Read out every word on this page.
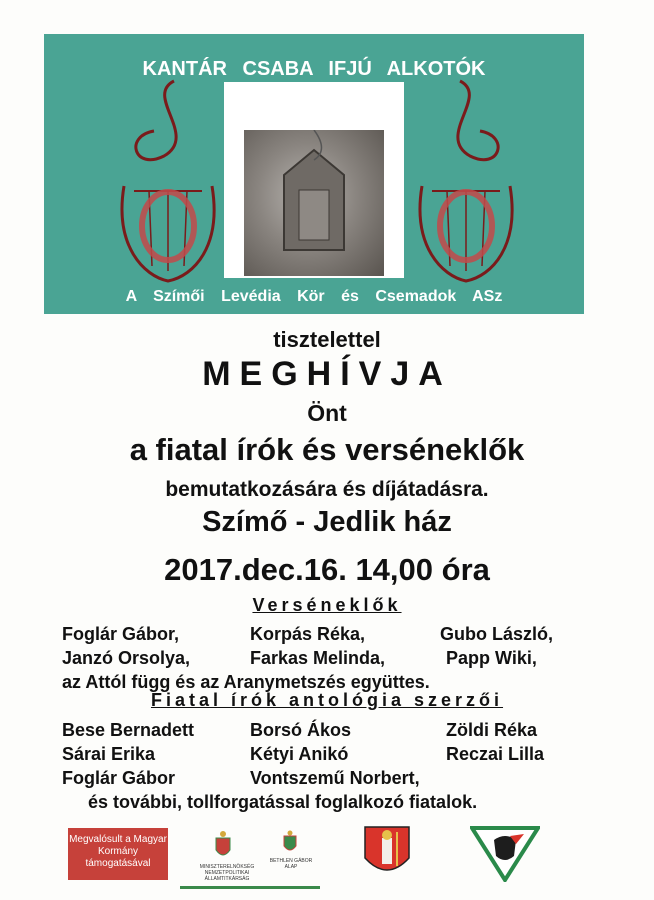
KANTÁR CSABA IFJÚ ALKOTÓK
A Szímői Levédia Kör és Csemadok ASz
tisztelettel
MEGHÍVJA
Önt
a fiatal írók és verséneklők
bemutatkozására és díjátadásra.
Szímő - Jedlik ház
2017.dec.16. 14,00 óra
Verséneklők
Foglár Gábor,	Korpás Réka,	Gubo László,
Janzó Orsolya,	Farkas Melinda,	Papp Wiki,
az Attól függ és az Aranymetszés együttes.
Fiatal írók antológia szerzői
Bese Bernadett	Borsó Ákos	Zöldi Réka
Sárai Erika	Kétyi Anikó	Reczai Lilla
Foglár Gábor	Vontszemű Norbert,
és további, tollforgatással foglalkozó fiatalok.
Megvalósult a Magyar Kormány támogatásával	MINISZTERELNÖKSÉG NEMZETPOLITIKAI ÁLLAMTITKÁRSÁG
BETHLEN GÁBOR ALAP
